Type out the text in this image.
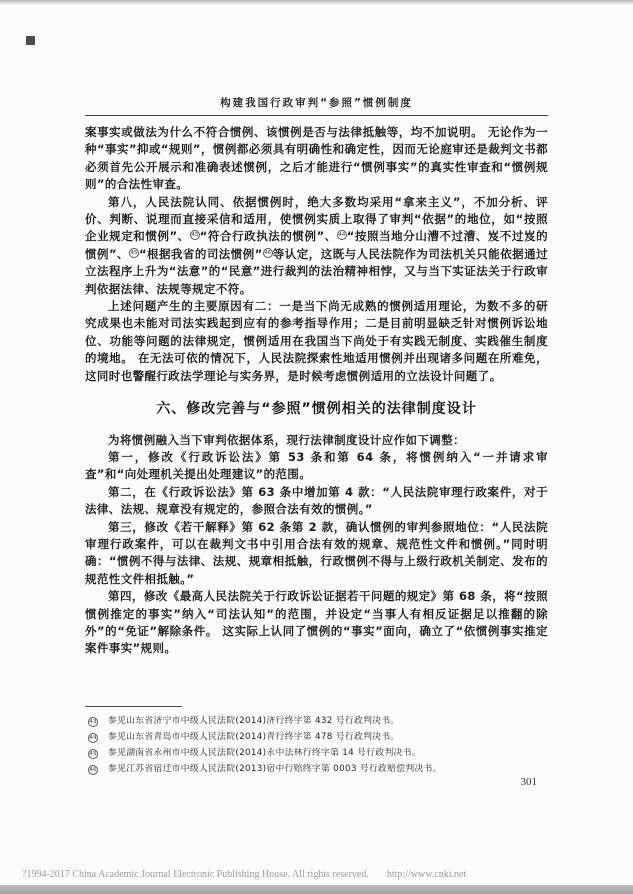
构建我国行政审判“参照”惯例制度

案事实或做法为什么不符合惯例、该惯例是否与法律抵触等，均不加说明。 无论作为一种“事实”抑或“规则”，惯例都必须具有明确性和确定性，因而无论庭审还是裁判文书都必须首先公开展示和准确表述惯例，之后才能进行“惯例事实”的真实性审查和“惯例规则”的合法性审查。

第八，人民法院认同、依据惯例时，绝大多数均采用“拿来主义”，不加分析、评价、判断、说理而直接采信和适用，使惯例实质上取得了审判“依据”的地位，如“按照企业规定和惯例”、 43 “符合行政执法的惯例”、 44 “按照当地分山漕不过漕、岌不过岌的惯例”、 45 “根据我省的司法惯例” 46 等认定，这既与人民法院作为司法机关只能依据通过立法程序上升为“法意”的“民意”进行裁判的法治精神相悖，又与当下实证法关于行政审判依据法律、法规等规定不符。

上述问题产生的主要原因有二：一是当下尚无成熟的惯例适用理论，为数不多的研究成果也未能对司法实践起到应有的参考指导作用；二是目前明显缺乏针对惯例诉讼地位、功能等问题的法律规定，惯例适用在我国当下尚处于有实践无制度、实践催生制度的境地。 在无法可依的情况下，人民法院探索性地适用惯例并出现诸多问题在所难免，这同时也警醒行政法学理论与实务界，是时候考虑惯例适用的立法设计问题了。

六、修改完善与“参照”惯例相关的法律制度设计

为将惯例融入当下审判依据体系，现行法律制度设计应作如下调整：

第一，修改《行政诉讼法》第 53 条和第 64 条，将惯例纳入“一并请求审查”和“向处理机关提出处理建议”的范围。

第二，在《行政诉讼法》第 63 条中增加第 4 款：“人民法院审理行政案件，对于法律、法规、规章没有规定的，参照合法有效的惯例。”

第三，修改《若干解释》第 62 条第 2 款，确认惯例的审判参照地位：“人民法院审理行政案件，可以在裁判文书中引用合法有效的规章、规范性文件和惯例。”同时明确：“惯例不得与法律、法规、规章相抵触，行政惯例不得与上级行政机关制定、发布的规范性文件相抵触。”

第四，修改《最高人民法院关于行政诉讼证据若干问题的规定》第 68 条，将“按照惯例推定的事实”纳入“司法认知”的范围，并设定“当事人有相反证据足以推翻的除外”的“免证”解除条件。 这实际上认同了惯例的“事实”面向，确立了“依惯例事实推定案件事实”规则。

43 参见山东省济宁市中级人民法院(2014)济行终字第 432 号行政判决书。
44 参见山东省青岛市中级人民法院(2014)青行终字第 478 号行政判决书。
45 参见湖南省永州市中级人民法院(2014)永中法林行终字第 14 号行政判决书。
46 参见江苏省宿迁市中级人民法院(2013)宿中行赔终字第 0003 号行政赔偿判决书。
301
?1994-2017 China Academic Journal Electronic Publishing House. All rights reserved. http://www.cnki.net
